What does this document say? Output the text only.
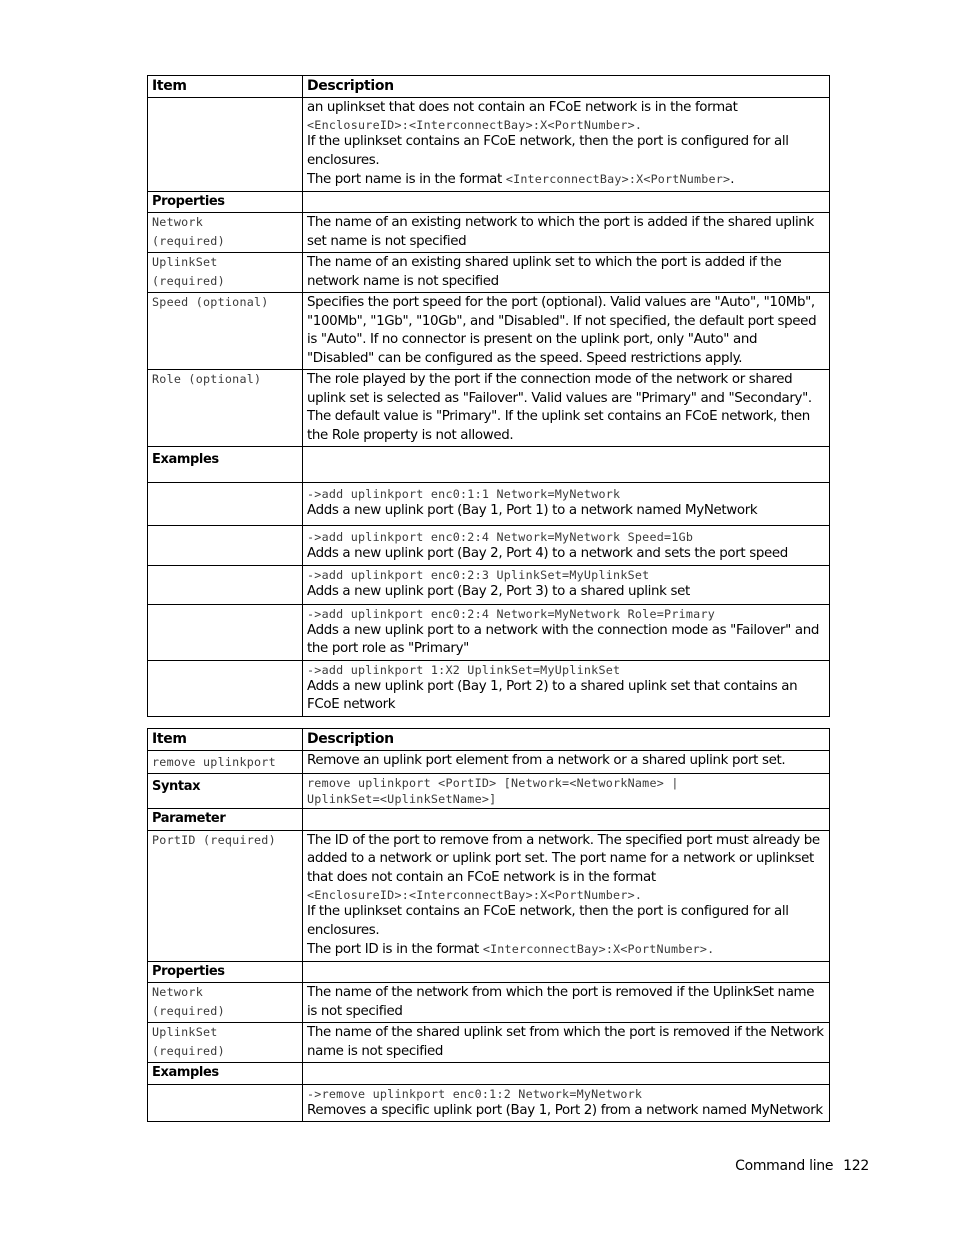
Item	Description

	an uplinkset that does not contain an FCoE network is in the format
<EnclosureID>:<InterconnectBay>:X<PortNumber>.
If the uplinkset contains an FCoE network, then the port is configured for all enclosures.
The port name is in the format <InterconnectBay>:X<PortNumber>.

Properties	
Network
(required)	The name of an existing network to which the port is added if the shared uplink set name is not specified
UplinkSet
(required)	The name of an existing shared uplink set to which the port is added if the network name is not specified
Speed (optional)	Specifies the port speed for the port (optional). Valid values are "Auto", "10Mb", "100Mb", "1Gb", "10Gb", and "Disabled". If not specified, the default port speed is "Auto". If no connector is present on the uplink port, only "Auto" and "Disabled" can be configured as the speed. Speed restrictions apply.
Role (optional)	The role played by the port if the connection mode of the network or shared uplink set is selected as "Failover". Valid values are "Primary" and "Secondary". The default value is "Primary". If the uplink set contains an FCoE network, then the Role property is not allowed.
Examples	

	->add uplinkport enc0:1:1 Network=MyNetwork
Adds a new uplink port (Bay 1, Port 1) to a network named MyNetwork

	->add uplinkport enc0:2:4 Network=MyNetwork Speed=1Gb
Adds a new uplink port (Bay 2, Port 4) to a network and sets the port speed

	->add uplinkport enc0:2:3 UplinkSet=MyUplinkSet
Adds a new uplink port (Bay 2, Port 3) to a shared uplink set

	->add uplinkport enc0:2:4 Network=MyNetwork Role=Primary
Adds a new uplink port to a network with the connection mode as "Failover" and the port role as "Primary"

	->add uplinkport 1:X2 UplinkSet=MyUplinkSet
Adds a new uplink port (Bay 1, Port 2) to a shared uplink set that contains an FCoE network
Item	Description
remove uplinkport	Remove an uplink port element from a network or a shared uplink port set.
Syntax	remove uplinkport <PortID> [Network=<NetworkName> |
UplinkSet=<UplinkSetName>]

Parameter	
PortID (required)	The ID of the port to remove from a network. The specified port must already be added to a network or uplink port set. The port name for a network or uplinkset that does not contain an FCoE network is in the format
<EnclosureID>:<InterconnectBay>:X<PortNumber>.
If the uplinkset contains an FCoE network, then the port is configured for all enclosures.
The port ID is in the format <InterconnectBay>:X<PortNumber>.

Properties	
Network
(required)	The name of the network from which the port is removed if the UplinkSet name is not specified
UplinkSet
(required)	The name of the shared uplink set from which the port is removed if the Network name is not specified
Examples	

	->remove uplinkport enc0:1:2 Network=MyNetwork
Removes a specific uplink port (Bay 1, Port 2) from a network named MyNetwork
Command line 122
